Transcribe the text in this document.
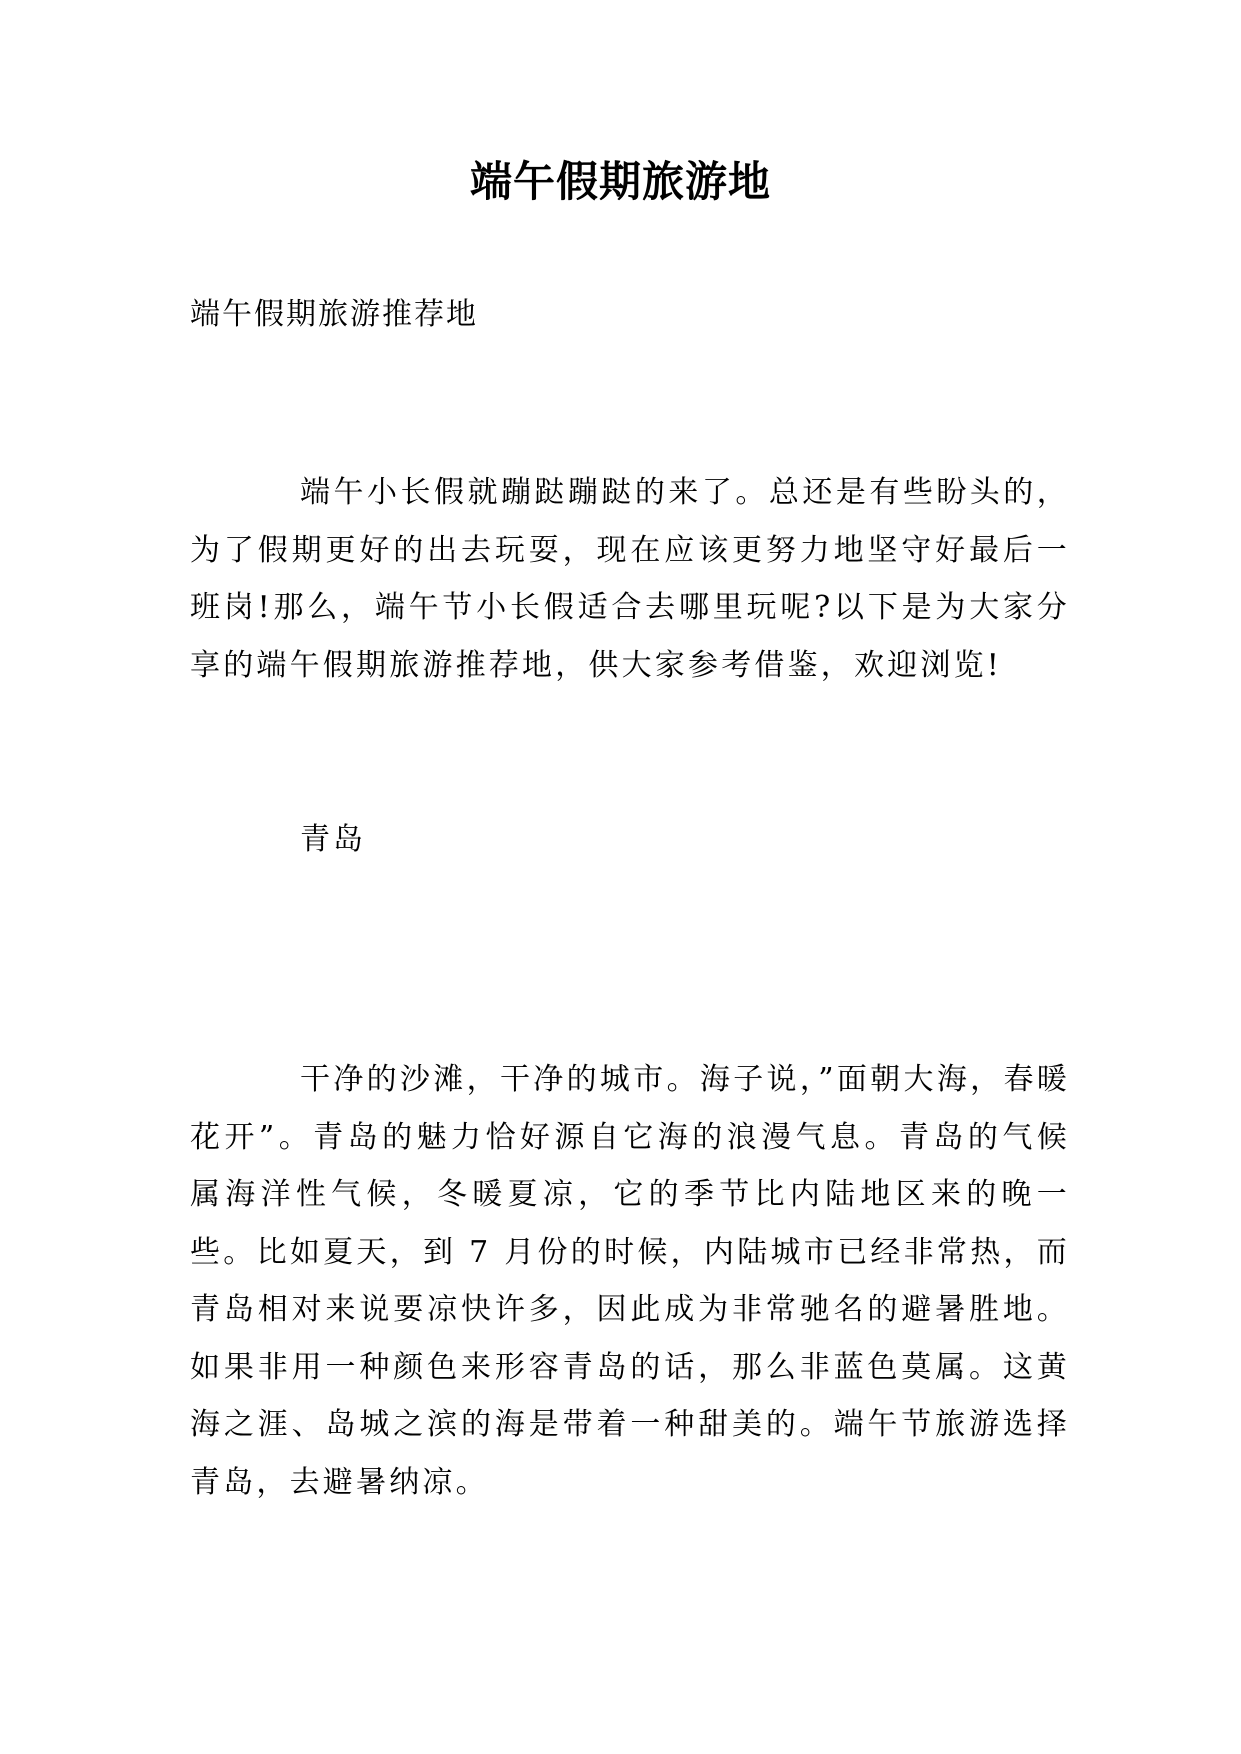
端午假期旅游地
端午假期旅游推荐地
端午小长假就蹦跶蹦跶的来了。总还是有些盼头的，为了假期更好的出去玩耍，现在应该更努力地坚守好最后一班岗!那么，端午节小长假适合去哪里玩呢?以下是为大家分享的端午假期旅游推荐地，供大家参考借鉴，欢迎浏览!
青岛
干净的沙滩，干净的城市。海子说，”面朝大海，春暖花开”。青岛的魅力恰好源自它海的浪漫气息。青岛的气候属海洋性气候，冬暖夏凉，它的季节比内陆地区来的晚一些。比如夏天，到 7 月份的时候，内陆城市已经非常热，而青岛相对来说要凉快许多，因此成为非常驰名的避暑胜地。如果非用一种颜色来形容青岛的话，那么非蓝色莫属。这黄海之涯、岛城之滨的海是带着一种甜美的。端午节旅游选择青岛，去避暑纳凉。
